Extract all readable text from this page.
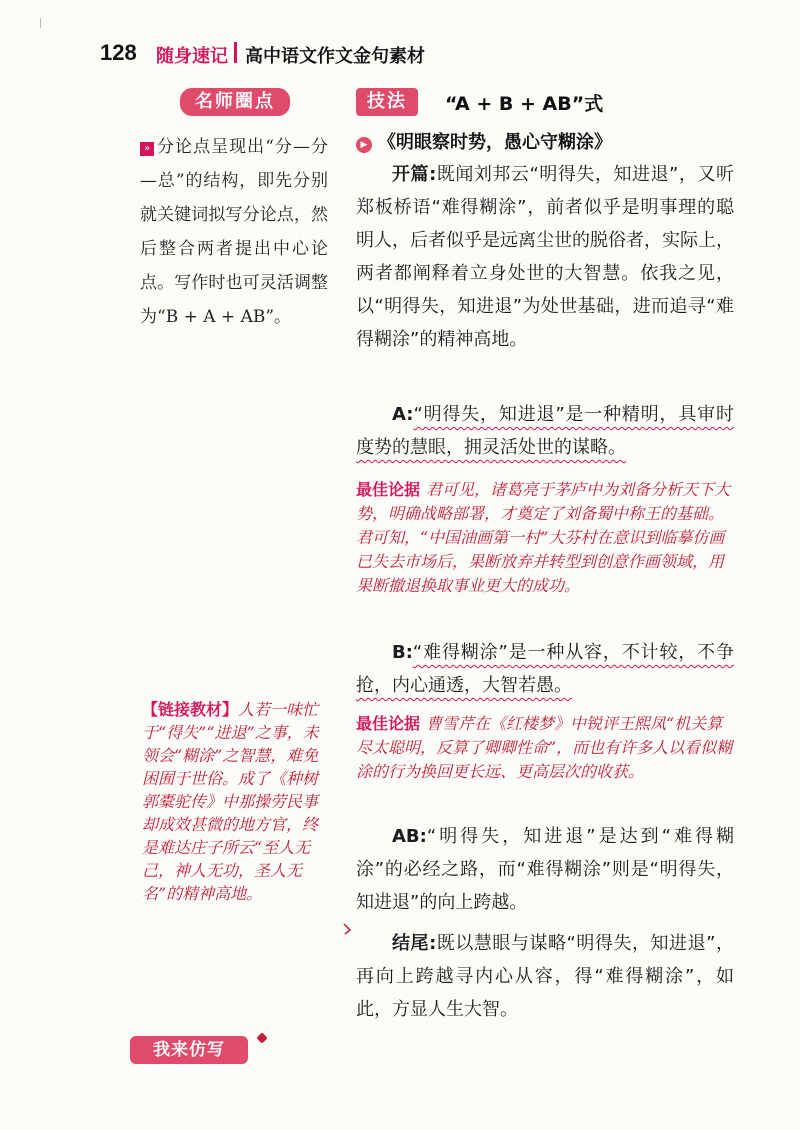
128 随身速记 高中语文作文金句素材
名师圈点
» 分论点呈现出“分—分—总”的结构，即先分别就关键词拟写分论点，然后整合两者提出中心论点。写作时也可灵活调整为“B + A + AB”。
【链接教材】人若一味忙于“得失”“进退”之事，未领会“糊涂”之智慧，难免困囿于世俗。成了《种树郭橐驼传》中那操劳民事却成效甚微的地方官，终是难达庄子所云“至人无己，神人无功，圣人无名”的精神高地。
我来仿写
技法	“A + B + AB”式
▶ 《明眼察时势，愚心守糊涂》
开篇:既闻刘邦云“明得失，知进退”，又听郑板桥语“难得糊涂”，前者似乎是明事理的聪明人，后者似乎是远离尘世的脱俗者，实际上，两者都阐释着立身处世的大智慧。依我之见，以“明得失，知进退”为处世基础，进而追寻“难得糊涂”的精神高地。
A:“明得失，知进退”是一种精明，具审时度势的慧眼，拥灵活处世的谋略。
最佳论据 君可见，诸葛亮于茅庐中为刘备分析天下大势，明确战略部署，才奠定了刘备蜀中称王的基础。君可知，“中国油画第一村”大芬村在意识到临摹仿画已失去市场后，果断放弃并转型到创意作画领域，用果断撤退换取事业更大的成功。
B:“难得糊涂”是一种从容，不计较，不争抢，内心通透，大智若愚。
最佳论据 曹雪芹在《红楼梦》中锐评王熙凤“机关算尽太聪明，反算了卿卿性命”，而也有许多人以看似糊涂的行为换回更长远、更高层次的收获。
AB:“明得失，知进退”是达到“难得糊涂”的必经之路，而“难得糊涂”则是“明得失，知进退”的向上跨越。
结尾:既以慧眼与谋略“明得失，知进退”，再向上跨越寻内心从容，得“难得糊涂”，如此，方显人生大智。
